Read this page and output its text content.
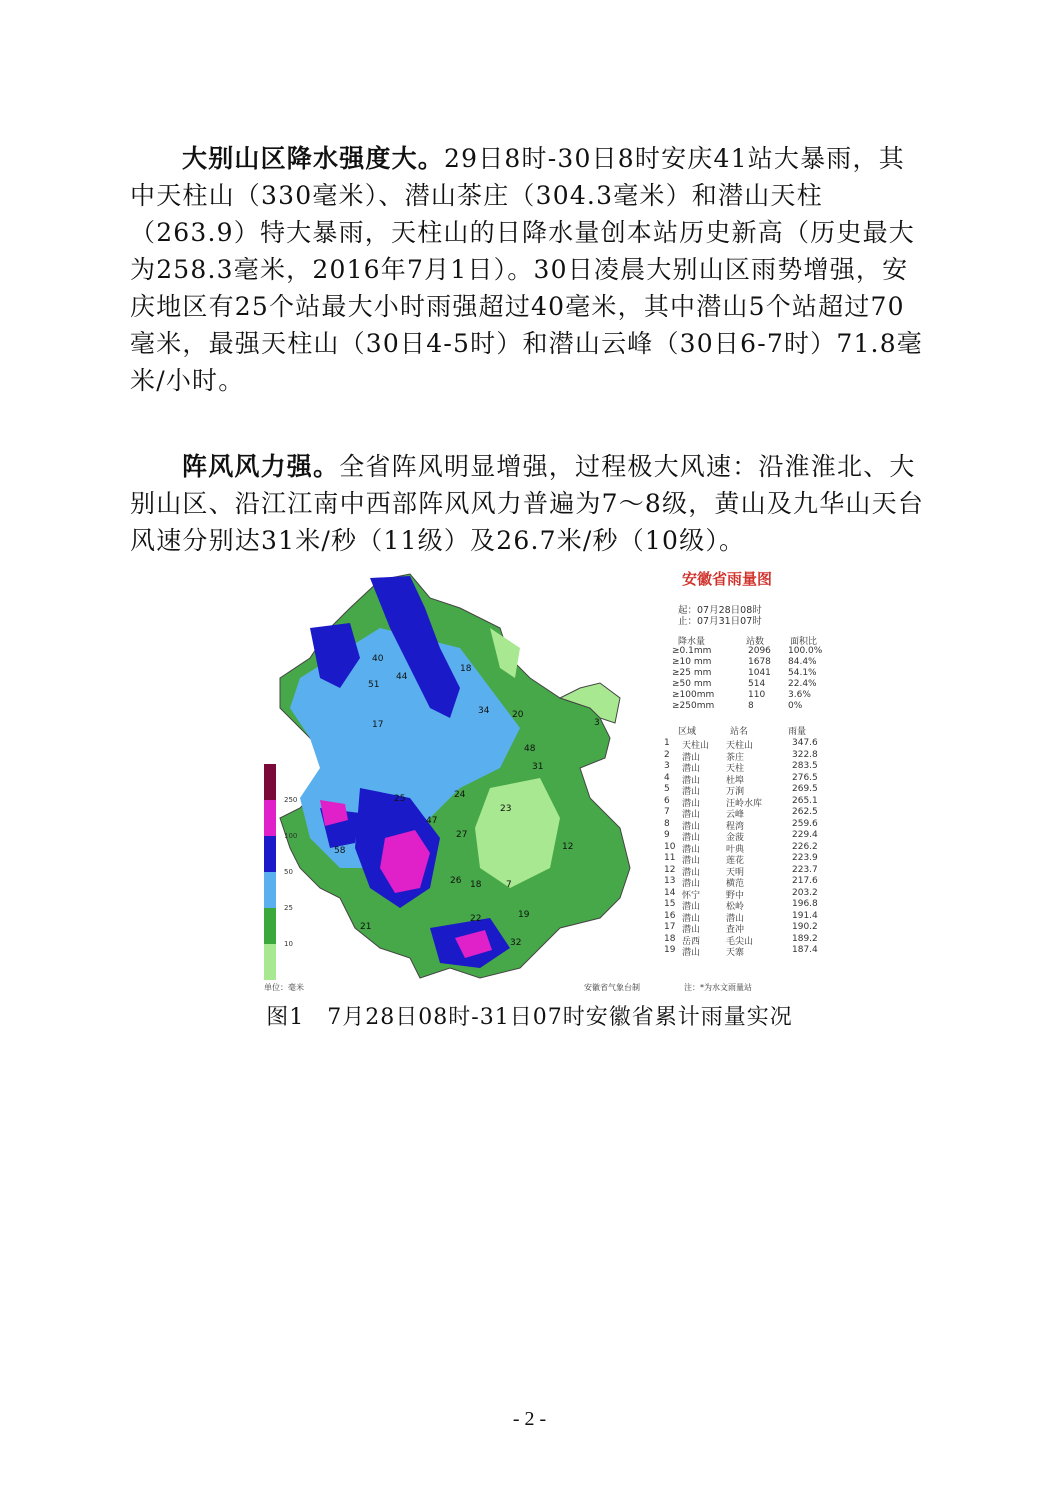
大别山区降水强度大。29日8时-30日8时安庆41站大暴雨，其中天柱山（330毫米）、潜山茶庄（304.3毫米）和潜山天柱（263.9）特大暴雨，天柱山的日降水量创本站历史新高（历史最大为258.3毫米，2016年7月1日）。30日凌晨大别山区雨势增强，安庆地区有25个站最大小时雨强超过40毫米，其中潜山5个站超过70毫米，最强天柱山（30日4-5时）和潜山云峰（30日6-7时）71.8毫米/小时。
阵风风力强。全省阵风明显增强，过程极大风速：沿淮淮北、大别山区、沿江江南中西部阵风风力普遍为7～8级，黄山及九华山天台风速分别达31米/秒（11级）及26.7米/秒（10级）。
40
51
44
18
34	20
17
25
47
24
23
27
18
58
26
22	19
32
48
31
3
12
7
21
250
100
50
25
10
单位：毫米
安徽省雨量图
起：07月28日08时
止：07月31日07时
降水量	站数	面积比
≥0.1mm	2096 100.0%
≥10 mm	1678 84.4%
≥25 mm	1041 54.1%
≥50 mm	514	22.4%
≥100mm	110	3.6%
≥250mm	8	0%
区域	站名	雨量
1 天柱山 天柱山	347.6
2 潜山	茶庄	322.8
3 潜山	天柱	283.5
4 潜山	杜埠	276.5
5 潜山	万涧	269.5
6 潜山	汪岭水库	265.1
7 潜山	云峰	262.5
8 潜山	程湾	259.6
9 潜山	金菠	229.4
10 潜山	叶典	226.2
11 潜山	莲花	223.9
12 潜山	天明	223.7
13 潜山	横范	217.6
14 怀宁	野中	203.2
15 潜山	松岭	196.8
16 潜山	潜山	191.4
17 潜山	査冲	190.2
18 岳西	毛尖山	189.2
19 潜山	天寨	187.4
安徽省气象台制	注：*为水文雨量站
图1　7月28日08时-31日07时安徽省累计雨量实况
- 2 -
